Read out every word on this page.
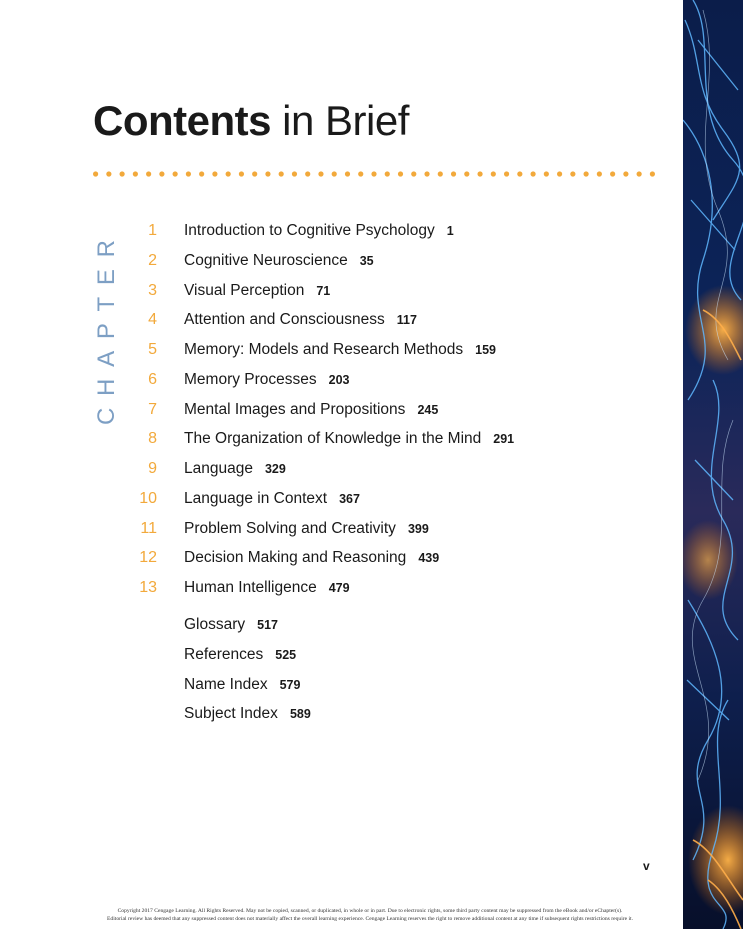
Contents in Brief
CHAPTER
1 Introduction to Cognitive Psychology 1
2 Cognitive Neuroscience 35
3 Visual Perception 71
4 Attention and Consciousness 117
5 Memory: Models and Research Methods 159
6 Memory Processes 203
7 Mental Images and Propositions 245
8 The Organization of Knowledge in the Mind 291
9 Language 329
10 Language in Context 367
11 Problem Solving and Creativity 399
12 Decision Making and Reasoning 439
13 Human Intelligence 479
Glossary 517
References 525
Name Index 579
Subject Index 589
v
Copyright 2017 Cengage Learning. All Rights Reserved. May not be copied, scanned, or duplicated, in whole or in part. Due to electronic rights, some third party content may be suppressed from the eBook and/or eChapter(s).
Editorial review has deemed that any suppressed content does not materially affect the overall learning experience. Cengage Learning reserves the right to remove additional content at any time if subsequent rights restrictions require it.
